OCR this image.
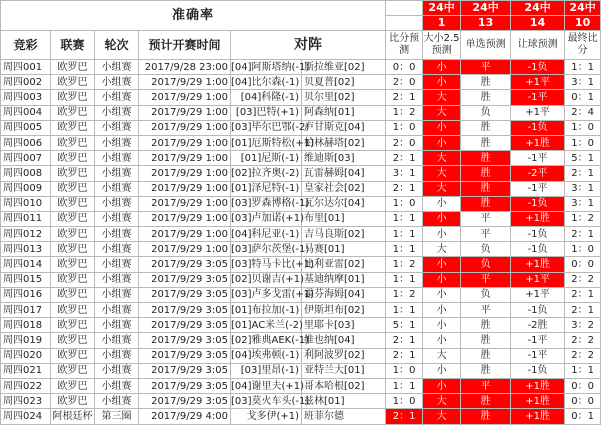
准确率							24中	24中	24中	24中
							1	13	14	10
竞彩	联赛	轮次	预计开赛时间	对阵		比分预测	大小2.5预测	单选预测	让球预测	最终比分
周四001	欧罗巴	小组赛	2017/9/28 23:00	[04]阿斯塔纳(-1)	斯拉维亚[02]	0：0	小	平	-1负	1：1
周四002	欧罗巴	小组赛	2017/9/29 1:00	[04]比尔森(-1)	贝夏普[02]	2：0	小	胜	+1平	3：1
周四003	欧罗巴	小组赛	2017/9/29 1:00	[04]科隆(-1)	贝尔里[02]	2：1	大	胜	-1平	0：1
周四004	欧罗巴	小组赛	2017/9/29 1:00	[03]巴特(+1)	阿森纳[01]	1：2	大	负	+1平	2：4
周四005	欧罗巴	小组赛	2017/9/29 1:00	[03]毕尔巴鄂(-2)	卢甘斯克[04]	1：0	小	胜	-1负	1：0
周四006	欧罗巴	小组赛	2017/9/29 1:00	[01]厄斯特松(+1)	柏林赫塔[02]	2：0	小	胜	+1胜	1：0
周四007	欧罗巴	小组赛	2017/9/29 1:00	[01]尼斯(-1)	维迪斯[03]	2：1	大	胜	-1平	5：1
周四008	欧罗巴	小组赛	2017/9/29 1:00	[02]拉齐奥(-2)	瓦雷赫姆[04]	3：1	大	胜	-2平	2：1
周四009	欧罗巴	小组赛	2017/9/29 1:00	[01]泽尼特(-1)	皇家社会[02]	2：1	大	胜	-1平	3：1
周四010	欧罗巴	小组赛	2017/9/29 1:00	[03]罗森博格(-1)	瓦尔达尔[04]	1：0	小	胜	-1负	3：1
周四011	欧罗巴	小组赛	2017/9/29 1:00	[03]卢加诺(+1)	布里[01]	1：1	小	平	+1胜	1：2
周四012	欧罗巴	小组赛	2017/9/29 1:00	[04]科尼亚(-1)	吉马良斯[02]	1：1	小	平	-1负	2：1
周四013	欧罗巴	小组赛	2017/9/29 1:00	[03]萨尔茨堡(-1)	马赛[01]	1：1	大	负	-1负	1：0
周四014	欧罗巴	小组赛	2017/9/29 3:05	[03]特马卡比(+1)	比利亚雷[02]	1：2	小	负	+1胜	0：0
周四015	欧罗巴	小组赛	2017/9/29 3:05	[02]贝谢吉(+1)	基迪纳摩[01]	1：1	小	平	+1平	2：2
周四016	欧罗巴	小组赛	2017/9/29 3:05	[03]卢多戈雷(+1)	霍芬海姆[04]	1：2	小	负	+1平	2：1
周四017	欧罗巴	小组赛	2017/9/29 3:05	[01]布拉加(-1)	伊斯坦布[02]	1：1	小	平	-1负	2：1
周四018	欧罗巴	小组赛	2017/9/29 3:05	[01]AC米兰(-2)	里耶卡[03]	5：1	小	胜	-2胜	3：2
周四019	欧罗巴	小组赛	2017/9/29 3:05	[02]雅典AEK(-1)	维也纳[04]	2：1	小	胜	-1平	2：2
周四020	欧罗巴	小组赛	2017/9/29 3:05	[04]埃弗顿(-1)	利阿波罗[02]	2：1	大	胜	-1平	2：2
周四021	欧罗巴	小组赛	2017/9/29 3:05	[03]里昂(-1)	亚特兰大[01]	1：0	小	胜	-1负	1：1
周四022	欧罗巴	小组赛	2017/9/29 3:05	[04]谢里夫(+1)	哥本哈根[02]	1：1	小	平	+1胜	0：0
周四023	欧罗巴	小组赛	2017/9/29 3:05	[03]莫火车头(-1)	兹林[01]	1：0	大	胜	+1胜	0：0
周四024	阿根廷杯	第三圈	2017/9/29 4:00	戈多伊(+1)	班菲尔德	2：1	大	胜	+1胜	0：1
